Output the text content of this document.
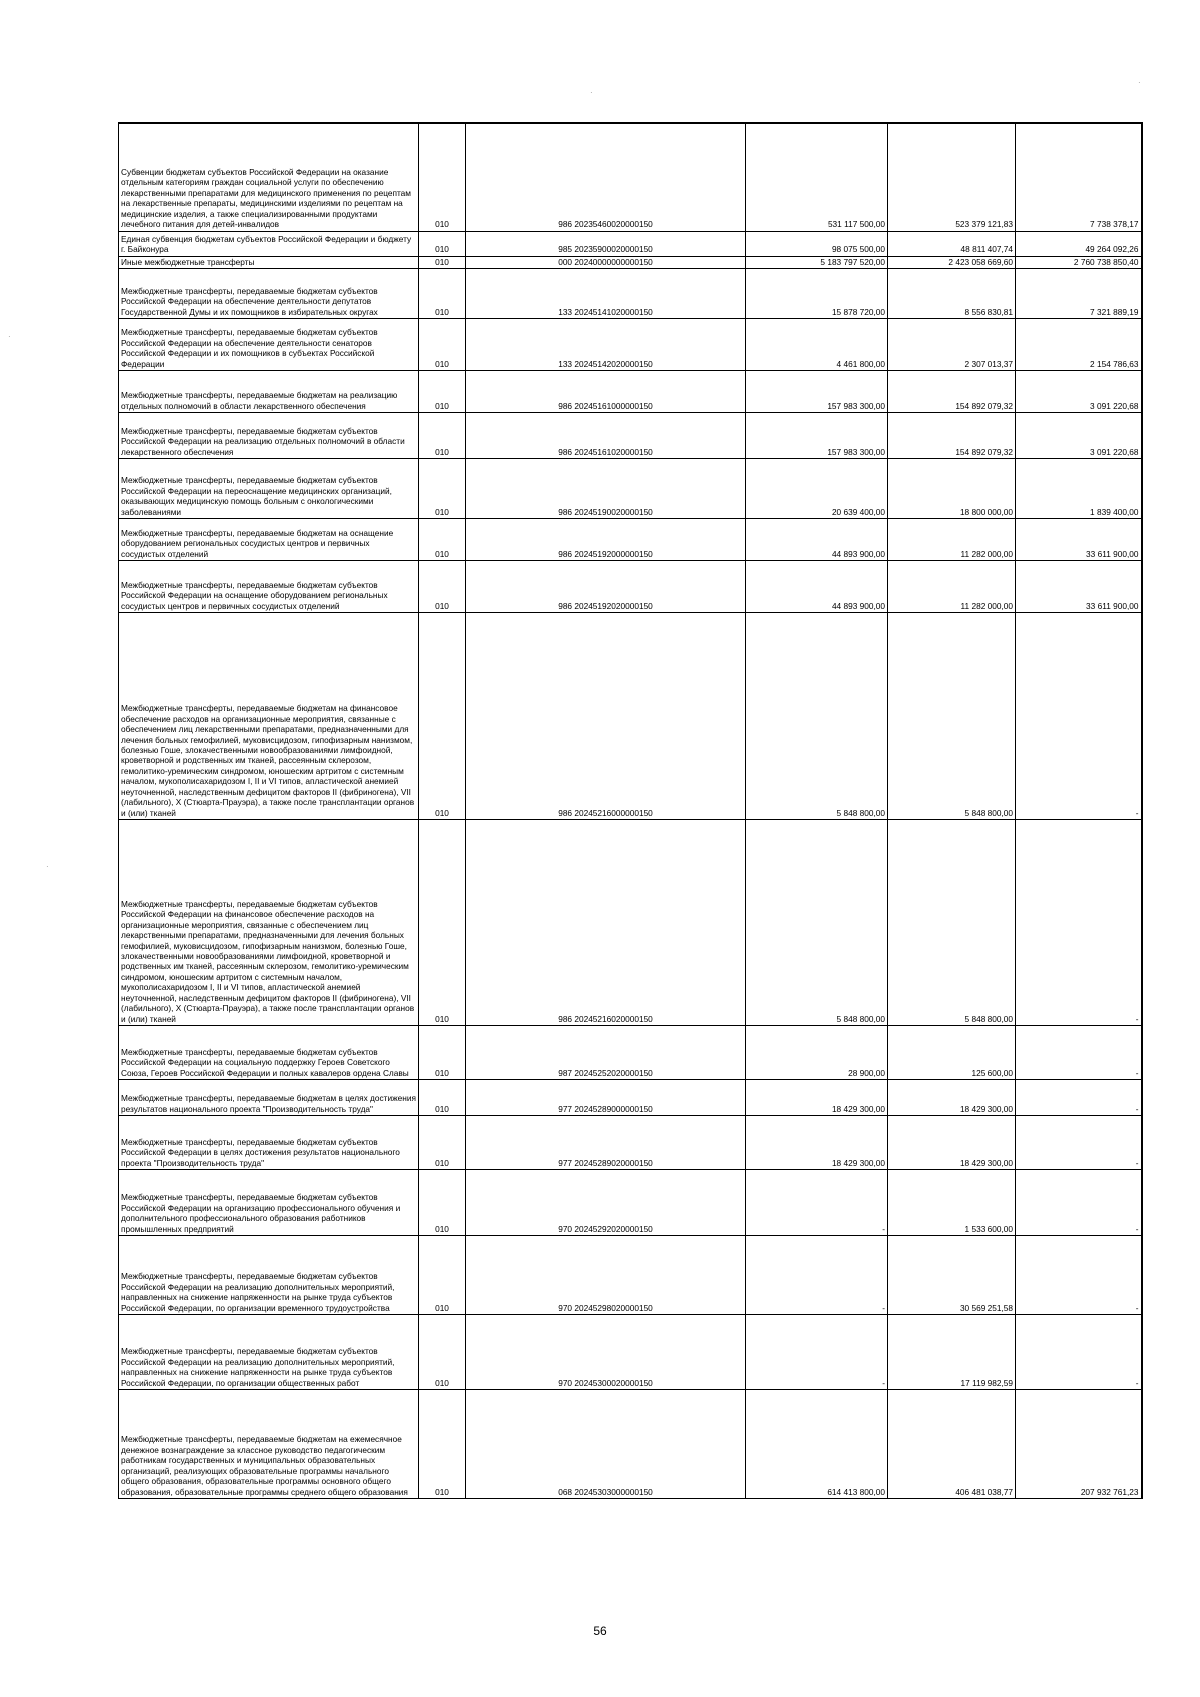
·
·
·
·
Субвенции бюджетам субъектов Российской Федерации на оказание отдельным категориям граждан социальной услуги по обеспечению лекарственными препаратами для медицинского применения по рецептам на лекарственные препараты, медицинскими изделиями по рецептам на медицинские изделия, а также специализированными продуктами лечебного питания для детей-инвалидов	010	986 20235460020000150	531 117 500,00	523 379 121,83	7 738 378,17
Единая субвенция бюджетам субъектов Российской Федерации и бюджету г. Байконура	010	985 20235900020000150	98 075 500,00	48 811 407,74	49 264 092,26
Иные межбюджетные трансферты	010	000 20240000000000150	5 183 797 520,00	2 423 058 669,60	2 760 738 850,40
Межбюджетные трансферты, передаваемые бюджетам субъектов Российской Федерации на обеспечение деятельности депутатов Государственной Думы и их помощников в избирательных округах	010	133 20245141020000150	15 878 720,00	8 556 830,81	7 321 889,19
Межбюджетные трансферты, передаваемые бюджетам субъектов Российской Федерации на обеспечение деятельности сенаторов Российской Федерации и их помощников в субъектах Российской Федерации	010	133 20245142020000150	4 461 800,00	2 307 013,37	2 154 786,63
Межбюджетные трансферты, передаваемые бюджетам на реализацию отдельных полномочий в области лекарственного обеспечения	010	986 20245161000000150	157 983 300,00	154 892 079,32	3 091 220,68
Межбюджетные трансферты, передаваемые бюджетам субъектов Российской Федерации на реализацию отдельных полномочий в области лекарственного обеспечения	010	986 20245161020000150	157 983 300,00	154 892 079,32	3 091 220,68
Межбюджетные трансферты, передаваемые бюджетам субъектов Российской Федерации на переоснащение медицинских организаций, оказывающих медицинскую помощь больным с онкологическими заболеваниями	010	986 20245190020000150	20 639 400,00	18 800 000,00	1 839 400,00
Межбюджетные трансферты, передаваемые бюджетам на оснащение оборудованием региональных сосудистых центров и первичных сосудистых отделений	010	986 20245192000000150	44 893 900,00	11 282 000,00	33 611 900,00
Межбюджетные трансферты, передаваемые бюджетам субъектов Российской Федерации на оснащение оборудованием региональных сосудистых центров и первичных сосудистых отделений	010	986 20245192020000150	44 893 900,00	11 282 000,00	33 611 900,00
Межбюджетные трансферты, передаваемые бюджетам на финансовое обеспечение расходов на организационные мероприятия, связанные с обеспечением лиц лекарственными препаратами, предназначенными для лечения больных гемофилией, муковисцидозом, гипофизарным нанизмом, болезнью Гоше, злокачественными новообразованиями лимфоидной, кроветворной и родственных им тканей, рассеянным склерозом, гемолитико-уремическим синдромом, юношеским артритом с системным началом, мукополисахаридозом I, II и VI типов, апластической анемией неуточненной, наследственным дефицитом факторов II (фибриногена), VII (лабильного), X (Стюарта-Прауэра), а также после трансплантации органов и (или) тканей	010	986 20245216000000150	5 848 800,00	5 848 800,00	-
Межбюджетные трансферты, передаваемые бюджетам субъектов Российской Федерации на финансовое обеспечение расходов на организационные мероприятия, связанные с обеспечением лиц лекарственными препаратами, предназначенными для лечения больных гемофилией, муковисцидозом, гипофизарным нанизмом, болезнью Гоше, злокачественными новообразованиями лимфоидной, кроветворной и родственных им тканей, рассеянным склерозом, гемолитико-уремическим синдромом, юношеским артритом с системным началом, мукополисахаридозом I, II и VI типов, апластической анемией неуточненной, наследственным дефицитом факторов II (фибриногена), VII (лабильного), X (Стюарта-Прауэра), а также после трансплантации органов и (или) тканей	010	986 20245216020000150	5 848 800,00	5 848 800,00	-
Межбюджетные трансферты, передаваемые бюджетам субъектов Российской Федерации на социальную поддержку Героев Советского Союза, Героев Российской Федерации и полных кавалеров ордена Славы	010	987 20245252020000150	28 900,00	125 600,00	-
Межбюджетные трансферты, передаваемые бюджетам в целях достижения результатов национального проекта "Производительность труда"	010	977 20245289000000150	18 429 300,00	18 429 300,00	-
Межбюджетные трансферты, передаваемые бюджетам субъектов Российской Федерации в целях достижения результатов национального проекта "Производительность труда"	010	977 20245289020000150	18 429 300,00	18 429 300,00	-
Межбюджетные трансферты, передаваемые бюджетам субъектов Российской Федерации на организацию профессионального обучения и дополнительного профессионального образования работников промышленных предприятий	010	970 20245292020000150	-	1 533 600,00	-
Межбюджетные трансферты, передаваемые бюджетам субъектов Российской Федерации на реализацию дополнительных мероприятий, направленных на снижение напряженности на рынке труда субъектов Российской Федерации, по организации временного трудоустройства	010	970 20245298020000150	-	30 569 251,58	-
Межбюджетные трансферты, передаваемые бюджетам субъектов Российской Федерации на реализацию дополнительных мероприятий, направленных на снижение напряженности на рынке труда субъектов Российской Федерации, по организации общественных работ	010	970 20245300020000150	-	17 119 982,59	-
Межбюджетные трансферты, передаваемые бюджетам на ежемесячное денежное вознаграждение за классное руководство педагогическим работникам государственных и муниципальных образовательных организаций, реализующих образовательные программы начального общего образования, образовательные программы основного общего образования, образовательные программы среднего общего образования	010	068 20245303000000150	614 413 800,00	406 481 038,77	207 932 761,23
56
